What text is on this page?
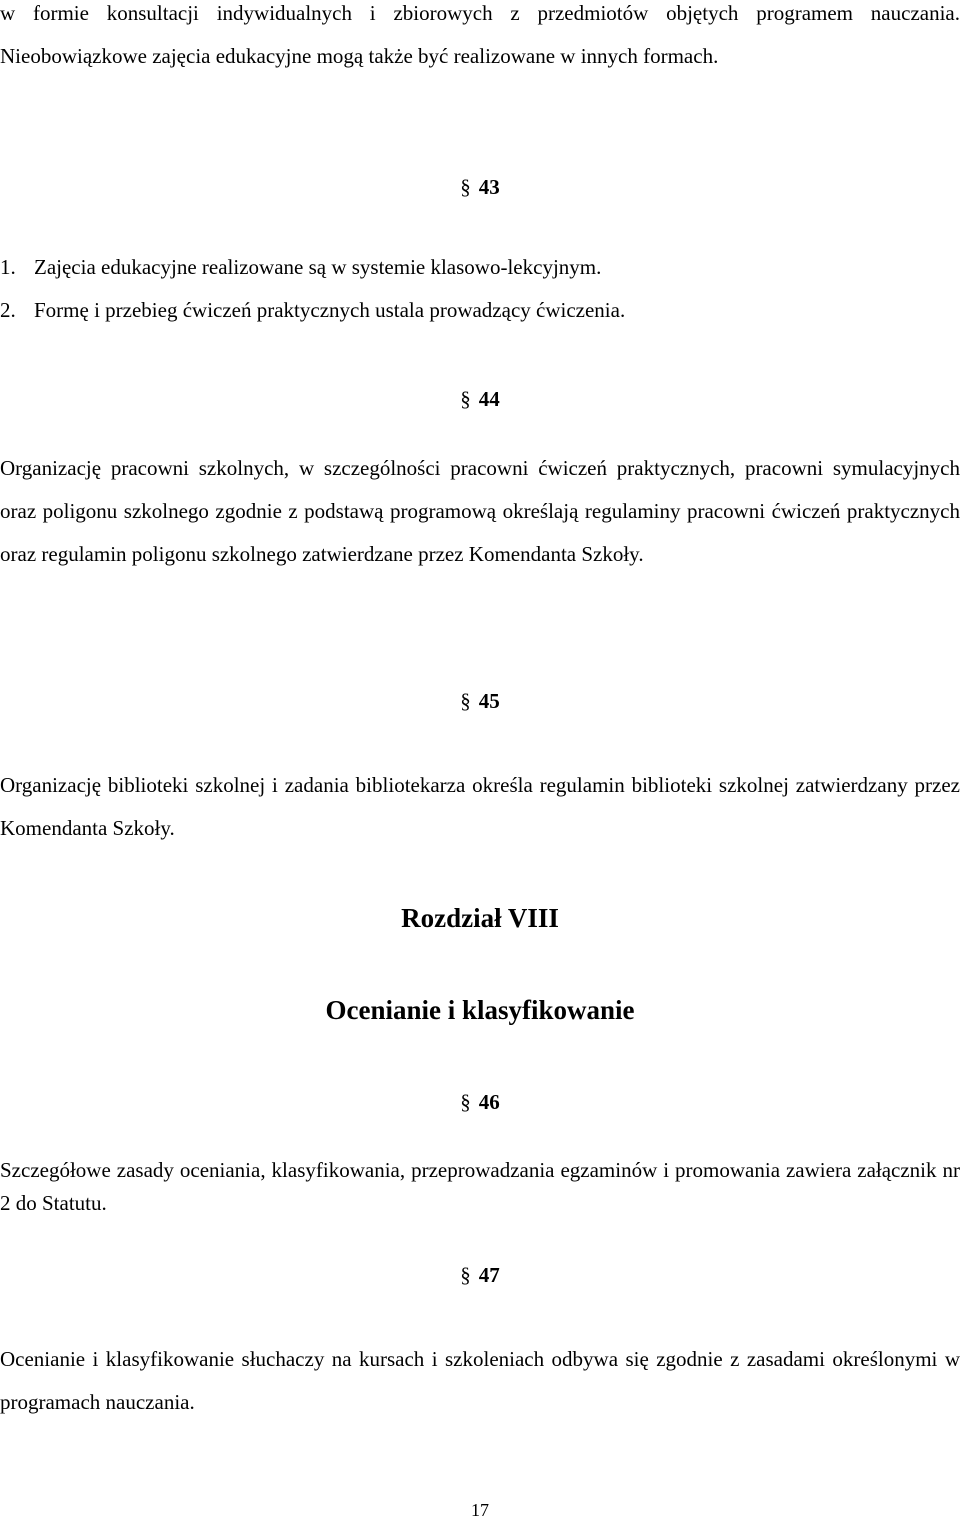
w formie konsultacji indywidualnych i zbiorowych z przedmiotów objętych programem nauczania. Nieobowiązkowe zajęcia edukacyjne mogą także być realizowane w innych formach.

§ 43
1. Zajęcia edukacyjne realizowane są w systemie klasowo-lekcyjnym.
2. Formę i przebieg ćwiczeń praktycznych ustala prowadzący ćwiczenia.
§ 44

Organizację pracowni szkolnych, w szczególności pracowni ćwiczeń praktycznych, pracowni symulacyjnych oraz poligonu szkolnego zgodnie z podstawą programową określają regulaminy pracowni ćwiczeń praktycznych oraz regulamin poligonu szkolnego zatwierdzane przez Komendanta Szkoły.

§ 45

Organizację biblioteki szkolnej i zadania bibliotekarza określa regulamin biblioteki szkolnej zatwierdzany przez Komendanta Szkoły.

Rozdział VIII
Ocenianie i klasyfikowanie
§ 46

Szczegółowe zasady oceniania, klasyfikowania, przeprowadzania egzaminów i promowania zawiera załącznik nr 2 do Statutu.

§ 47

Ocenianie i klasyfikowanie słuchaczy na kursach i szkoleniach odbywa się zgodnie z zasadami określonymi w programach nauczania.

17
